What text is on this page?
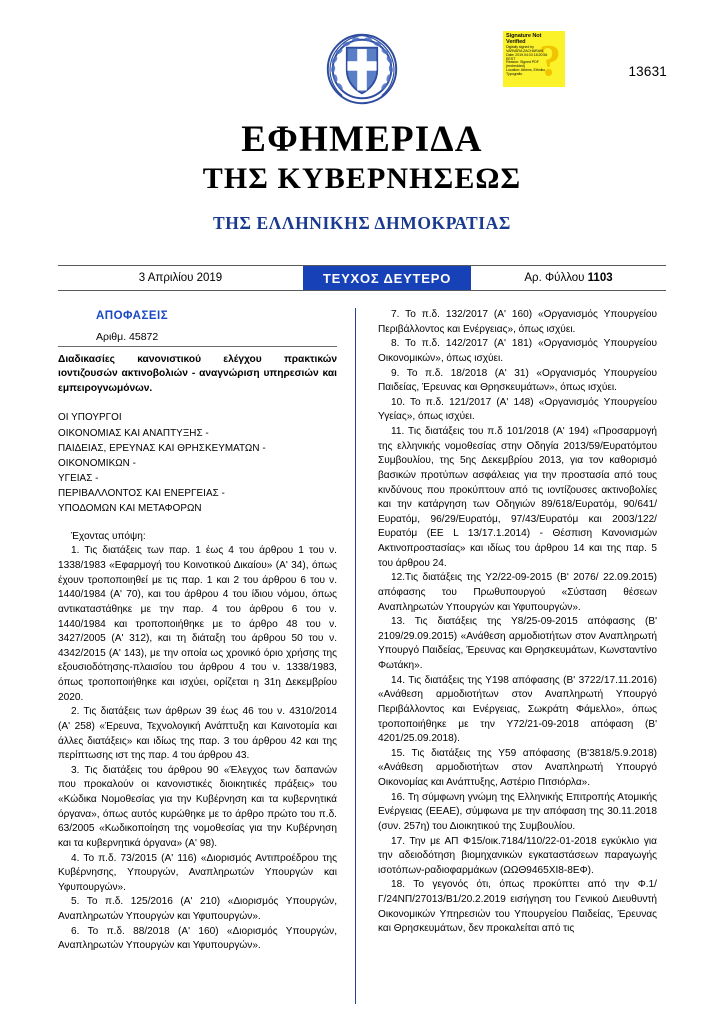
?
Signature Not
Verified
Digitally signed by
VARVARA ZACHARAKI
Date: 2019.04.03 18:20:56
EEST
Reason: Signed PDF
(embedded)
Location: Athens, Ethniko
Typografio	13631
ΕΦΗΜΕΡΙΔΑ
ΤΗΣ ΚΥΒΕΡΝΗΣΕΩΣ
ΤΗΣ ΕΛΛΗΝΙΚΗΣ ΔΗΜΟΚΡΑΤΙΑΣ
3 Απριλίου 2019	ΤΕΥΧΟΣ ΔΕΥΤΕΡΟ	Αρ. Φύλλου
1103
ΑΠΟΦΑΣΕΙΣ
Αριθμ. 45872
Διαδικασίες κανονιστικού ελέγχου πρακτικών ιοντιζουσών ακτινοβολιών - αναγνώριση υπηρεσιών και εμπειρογνωμόνων.
ΟΙ ΥΠΟΥΡΓΟΙ
ΟΙΚΟΝΟΜΙΑΣ ΚΑΙ ΑΝΑΠΤΥΞΗΣ -
ΠΑΙΔΕΙΑΣ, ΕΡΕΥΝΑΣ ΚΑΙ ΘΡΗΣΚΕΥΜΑΤΩΝ -
ΟΙΚΟΝΟΜΙΚΩΝ -
ΥΓΕΙΑΣ -
ΠΕΡΙΒΑΛΛΟΝΤΟΣ ΚΑΙ ΕΝΕΡΓΕΙΑΣ -
ΥΠΟΔΟΜΩΝ ΚΑΙ ΜΕΤΑΦΟΡΩΝ
Έχοντας υπόψη:

1. Τις διατάξεις των παρ. 1 έως 4 του άρθρου 1 του ν. 1338/1983 «Εφαρμογή του Κοινοτικού Δικαίου» (Α' 34), όπως έχουν τροποποιηθεί με τις παρ. 1 και 2 του άρθρου 6 του ν. 1440/1984 (Α' 70), και του άρθρου 4 του ίδιου νόμου, όπως αντικαταστάθηκε με την παρ. 4 του άρθρου 6 του ν. 1440/1984 και τροποποιήθηκε με το άρθρο 48 του ν. 3427/2005 (Α' 312), και τη διάταξη του άρθρου 50 του ν. 4342/2015 (Α' 143), με την οποία ως χρονικό όριο χρήσης της εξουσιοδότησης-πλαισίου του άρθρου 4 του ν. 1338/1983, όπως τροποποιήθηκε και ισχύει, ορίζεται η 31η Δεκεμβρίου 2020.

2. Τις διατάξεις των άρθρων 39 έως 46 του ν. 4310/2014 (Α' 258) «Έρευνα, Τεχνολογική Ανάπτυξη και Καινοτομία και άλλες διατάξεις» και ιδίως της παρ. 3 του άρθρου 42 και της περίπτωσης ιστ της παρ. 4 του άρθρου 43.

3. Τις διατάξεις του άρθρου 90 «Έλεγχος των δαπανών που προκαλούν οι κανονιστικές διοικητικές πράξεις» του «Κώδικα Νομοθεσίας για την Κυβέρνηση και τα κυβερνητικά όργανα», όπως αυτός κυρώθηκε με το άρθρο πρώτο του π.δ. 63/2005 «Κωδικοποίηση της νομοθεσίας για την Κυβέρνηση και τα κυβερνητικά όργανα» (Α' 98).

4. Το π.δ. 73/2015 (Α' 116) «Διορισμός Αντιπροέδρου της Κυβέρνησης, Υπουργών, Αναπληρωτών Υπουργών και Υφυπουργών».

5. Το π.δ. 125/2016 (Α' 210) «Διορισμός Υπουργών, Αναπληρωτών Υπουργών και Υφυπουργών».

6. Το π.δ. 88/2018 (Α' 160) «Διορισμός Υπουργών, Αναπληρωτών Υπουργών και Υφυπουργών».

7. Το π.δ. 132/2017 (Α' 160) «Οργανισμός Υπουργείου Περιβάλλοντος και Ενέργειας», όπως ισχύει.

8. Το π.δ. 142/2017 (Α' 181) «Οργανισμός Υπουργείου Οικονομικών», όπως ισχύει.

9. Το π.δ. 18/2018 (Α' 31) «Οργανισμός Υπουργείου Παιδείας, Έρευνας και Θρησκευμάτων», όπως ισχύει.

10. Το π.δ. 121/2017 (Α' 148) «Οργανισμός Υπουργείου Υγείας», όπως ισχύει.

11. Τις διατάξεις του π.δ 101/2018 (Α' 194) «Προσαρμογή της ελληνικής νομοθεσίας στην Οδηγία 2013/59/Ευρατόμτου Συμβουλίου, της 5ης Δεκεμβρίου 2013, για τον καθορισμό βασικών προτύπων ασφάλειας για την προστασία από τους κινδύνους που προκύπτουν από τις ιοντίζουσες ακτινοβολίες και την κατάργηση των Οδηγιών 89/618/Ευρατόμ, 90/641/Ευρατόμ, 96/29/Ευρατόμ, 97/43/Ευρατόμ και 2003/122/Ευρατόμ (ΕΕ L 13/17.1.2014) - Θέσπιση Κανονισμών Ακτινοπροστασίας» και ιδίως του άρθρου 14 και της παρ. 5 του άρθρου 24.

12.Τις διατάξεις της Υ2/22-09-2015 (Β' 2076/ 22.09.2015) απόφασης του Πρωθυπουργού «Σύσταση θέσεων Αναπληρωτών Υπουργών και Υφυπουργών».

13. Τις διατάξεις της Υ8/25-09-2015 απόφασης (Β' 2109/29.09.2015) «Ανάθεση αρμοδιοτήτων στον Αναπληρωτή Υπουργό Παιδείας, Έρευνας και Θρησκευμάτων, Κωνσταντίνο Φωτάκη».

14. Τις διατάξεις της Υ198 απόφασης (Β' 3722/17.11.2016) «Ανάθεση αρμοδιοτήτων στον Αναπληρωτή Υπουργό Περιβάλλοντος και Ενέργειας, Σωκράτη Φάμελλο», όπως τροποποιήθηκε με την Υ72/21-09-2018 απόφαση (Β' 4201/25.09.2018).

15. Τις διατάξεις της Υ59 απόφασης (Β'3818/5.9.2018) «Ανάθεση αρμοδιοτήτων στον Αναπληρωτή Υπουργό Οικονομίας και Ανάπτυξης, Αστέριο Πιτσιόρλα».

16. Τη σύμφωνη γνώμη της Ελληνικής Επιτροπής Ατομικής Ενέργειας (ΕΕΑΕ), σύμφωνα με την απόφαση της 30.11.2018 (συν. 257η) του Διοικητικού της Συμβουλίου.

17. Την με ΑΠ Φ15/οικ.7184/110/22-01-2018 εγκύκλιο για την αδειοδότηση βιομηχανικών εγκαταστάσεων παραγωγής ισοτόπων-ραδιοφαρμάκων (ΩΩΘ9465ΧΙ8-8ΕΦ).

18. Το γεγονός ότι, όπως προκύπτει από την Φ.1/Γ/24ΝΠ/27013/Β1/20.2.2019 εισήγηση του Γενικού Διευθυντή Οικονομικών Υπηρεσιών του Υπουργείου Παιδείας, Έρευνας και Θρησκευμάτων, δεν προκαλείται από τις
